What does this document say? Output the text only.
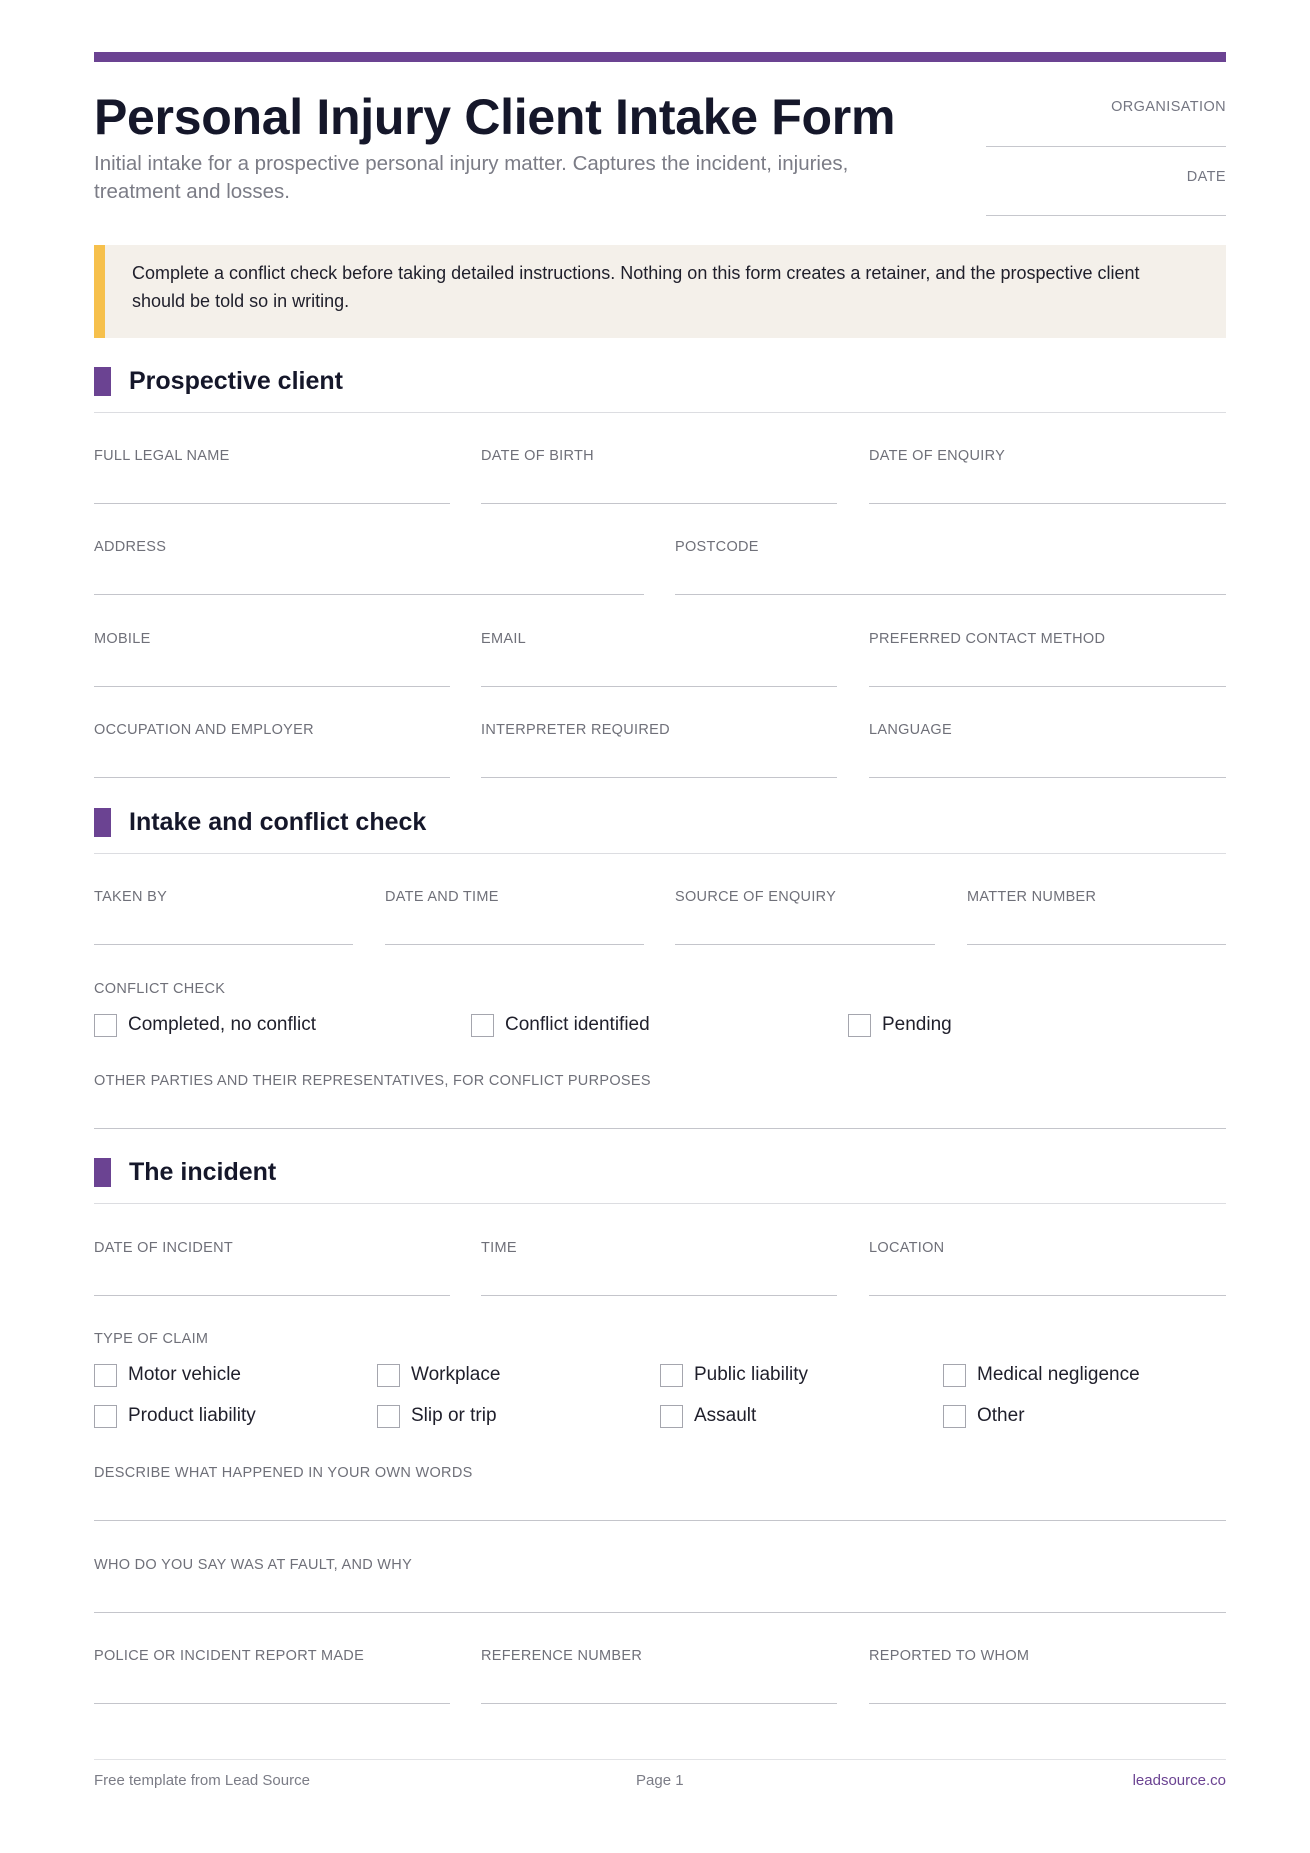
Personal Injury Client Intake Form

Initial intake for a prospective personal injury matter. Captures the incident, injuries, treatment and losses.

ORGANISATION
DATE

Complete a conflict check before taking detailed instructions. Nothing on this form creates a retainer, and the prospective client should be told so in writing.

Prospective client
FULL LEGAL NAME	DATE OF BIRTH	DATE OF ENQUIRY
ADDRESS	POSTCODE
MOBILE	EMAIL	PREFERRED CONTACT METHOD
OCCUPATION AND EMPLOYER	INTERPRETER REQUIRED	LANGUAGE
Intake and conflict check
TAKEN BY	DATE AND TIME	SOURCE OF ENQUIRY	MATTER NUMBER
CONFLICT CHECK
Completed, no conflict	Conflict identified	Pending
OTHER PARTIES AND THEIR REPRESENTATIVES, FOR CONFLICT PURPOSES
The incident
DATE OF INCIDENT	TIME	LOCATION
TYPE OF CLAIM
Motor vehicle	Workplace	Public liability	Medical negligence
Product liability	Slip or trip	Assault	Other
DESCRIBE WHAT HAPPENED IN YOUR OWN WORDS
WHO DO YOU SAY WAS AT FAULT, AND WHY
POLICE OR INCIDENT REPORT MADE	REFERENCE NUMBER	REPORTED TO WHOM
Free template from Lead Source	Page 1	leadsource.co
